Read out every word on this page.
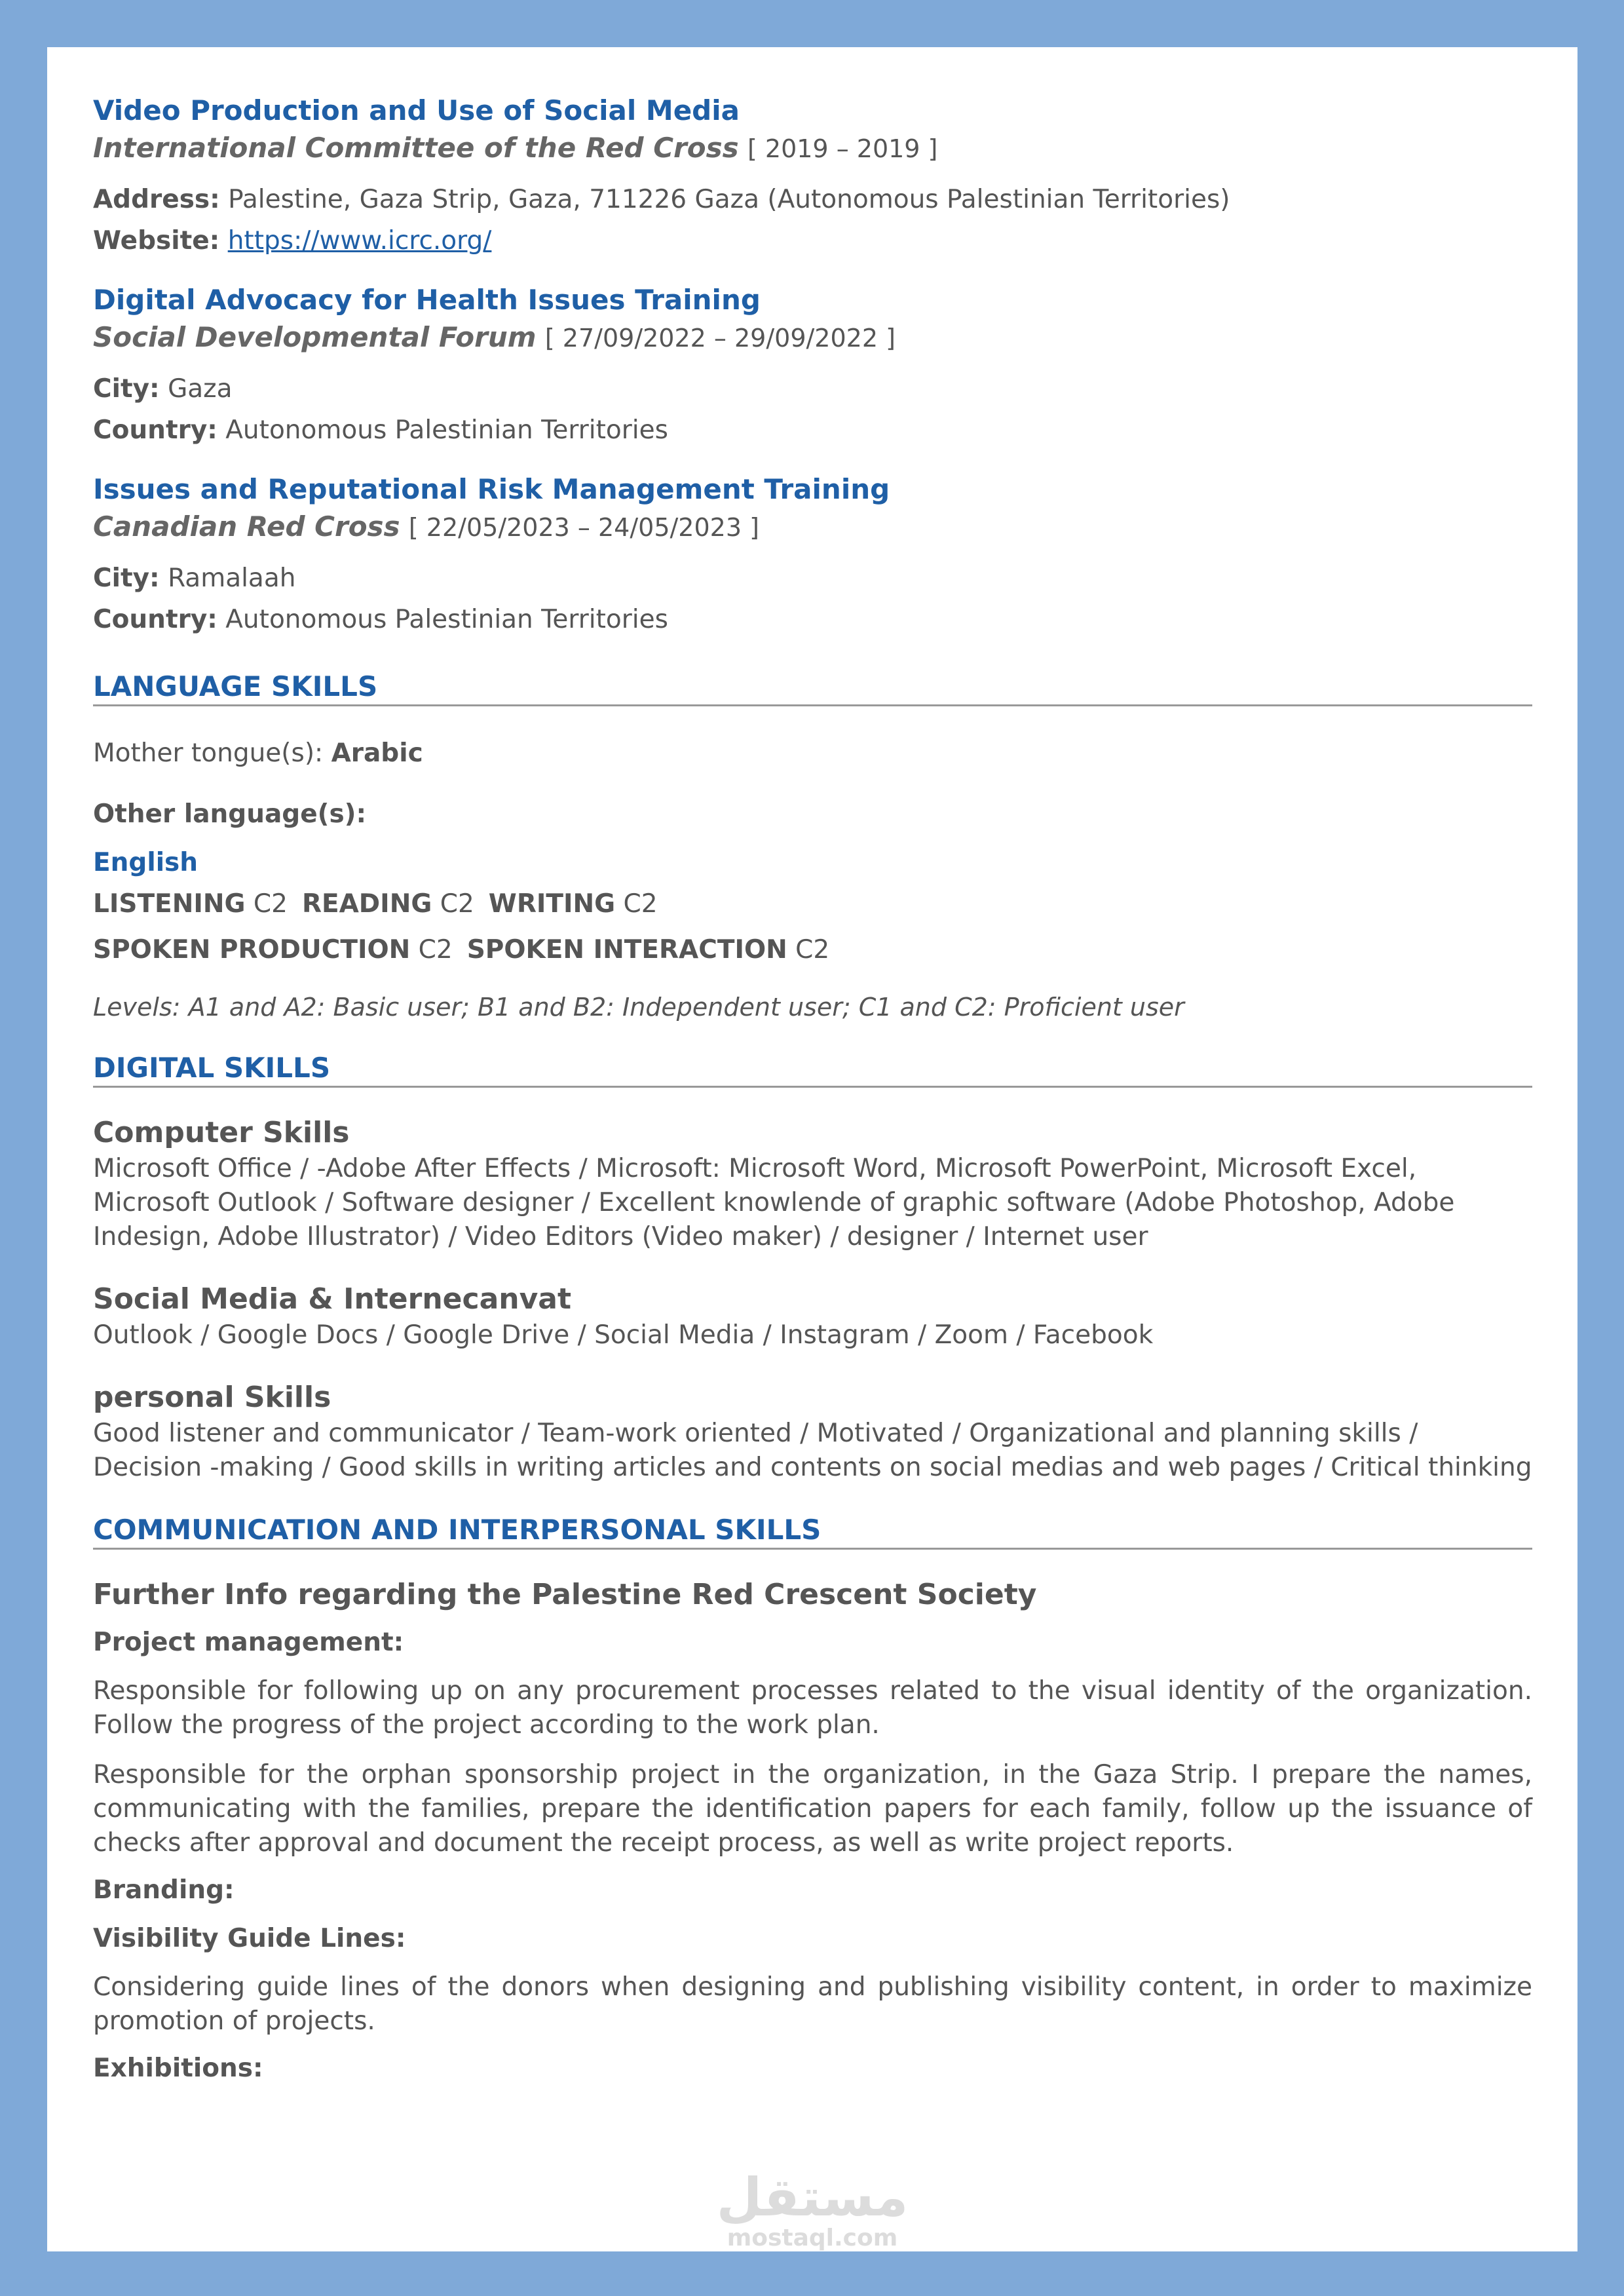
Video Production and Use of Social Media

International Committee of the Red Cross [ 2019 – 2019 ]

Address: Palestine, Gaza Strip, Gaza, 711226 Gaza (Autonomous Palestinian Territories)

Website: https://www.icrc.org/

Digital Advocacy for Health Issues Training

Social Developmental Forum [ 27/09/2022 – 29/09/2022 ]

City: Gaza

Country: Autonomous Palestinian Territories

Issues and Reputational Risk Management Training

Canadian Red Cross [ 22/05/2023 – 24/05/2023 ]

City: Ramalaah

Country: Autonomous Palestinian Territories

LANGUAGE SKILLS

Mother tongue(s): Arabic

Other language(s):

English

LISTENING C2 READING C2 WRITING C2

SPOKEN PRODUCTION C2 SPOKEN INTERACTION C2

Levels: A1 and A2: Basic user; B1 and B2: Independent user; C1 and C2: Proficient user

DIGITAL SKILLS

Computer Skills

Microsoft Office / -Adobe After Effects / Microsoft: Microsoft Word, Microsoft PowerPoint, Microsoft Excel, Microsoft Outlook / Software designer / Excellent knowlende of graphic software (Adobe Photoshop, Adobe Indesign, Adobe Illustrator) / Video Editors (Video maker) / designer / Internet user

Social Media & Internecanvat

Outlook / Google Docs / Google Drive / Social Media / Instagram / Zoom / Facebook

personal Skills

Good listener and communicator / Team-work oriented / Motivated / Organizational and planning skills / Decision -making / Good skills in writing articles and contents on social medias and web pages / Critical thinking

COMMUNICATION AND INTERPERSONAL SKILLS

Further Info regarding the Palestine Red Crescent Society

Project management:

Responsible for following up on any procurement processes related to the visual identity of the organization. Follow the progress of the project according to the work plan.

Responsible for the orphan sponsorship project in the organization, in the Gaza Strip. I prepare the names, communicating with the families, prepare the identification papers for each family, follow up the issuance of checks after approval and document the receipt process, as well as write project reports.

Branding:

Visibility Guide Lines:

Considering guide lines of the donors when designing and publishing visibility content, in order to maximize promotion of projects.

Exhibitions:

مستقل
mostaql.com
